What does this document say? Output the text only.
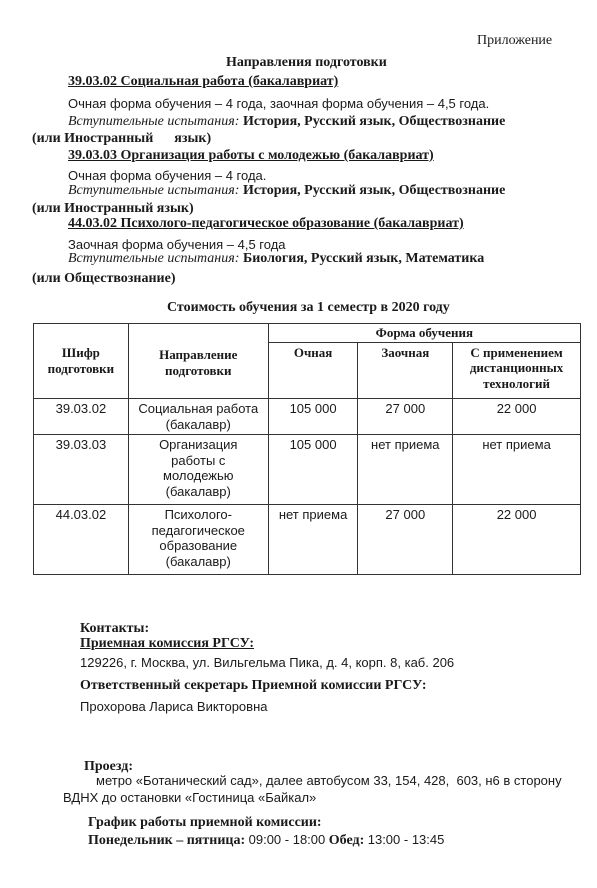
Приложение
Направления подготовки
39.03.02 Социальная работа (бакалавриат)
Очная форма обучения – 4 года, заочная форма обучения – 4,5 года.
Вступительные испытания: История, Русский язык, Обществознание
(или Иностранный      язык)
39.03.03 Организация работы с молодежью (бакалавриат)
Очная форма обучения – 4 года.
Вступительные испытания: История, Русский язык, Обществознание
(или Иностранный язык)
44.03.02 Психолого-педагогическое образование (бакалавриат)
Заочная форма обучения – 4,5 года
Вступительные испытания: Биология, Русский язык, Математика
(или Обществознание)
Стоимость обучения за 1 семестр в 2020 году
Шифр подготовки	Направление подготовки	Форма обучения		
		Очная	Заочная	С применением дистанционных технологий
39.03.02	Социальная работа (бакалавр)	105 000	27 000	22 000
39.03.03	Организация работы с молодежью (бакалавр)	105 000	нет приема	нет приема
44.03.02	Психолого-педагогическое образование (бакалавр)	нет приема	27 000	22 000
Контакты:
Приемная комиссия РГСУ:
129226, г. Москва, ул. Вильгельма Пика, д. 4, корп. 8, каб. 206
Ответственный секретарь Приемной комиссии РГСУ:
Прохорова Лариса Викторовна
Проезд:
метро «Ботанический сад», далее автобусом 33, 154, 428,  603, н6 в сторону
ВДНХ до остановки «Гостиница «Байкал»
График работы приемной комиссии:
Понедельник – пятница: 09:00 - 18:00 Обед: 13:00 - 13:45
